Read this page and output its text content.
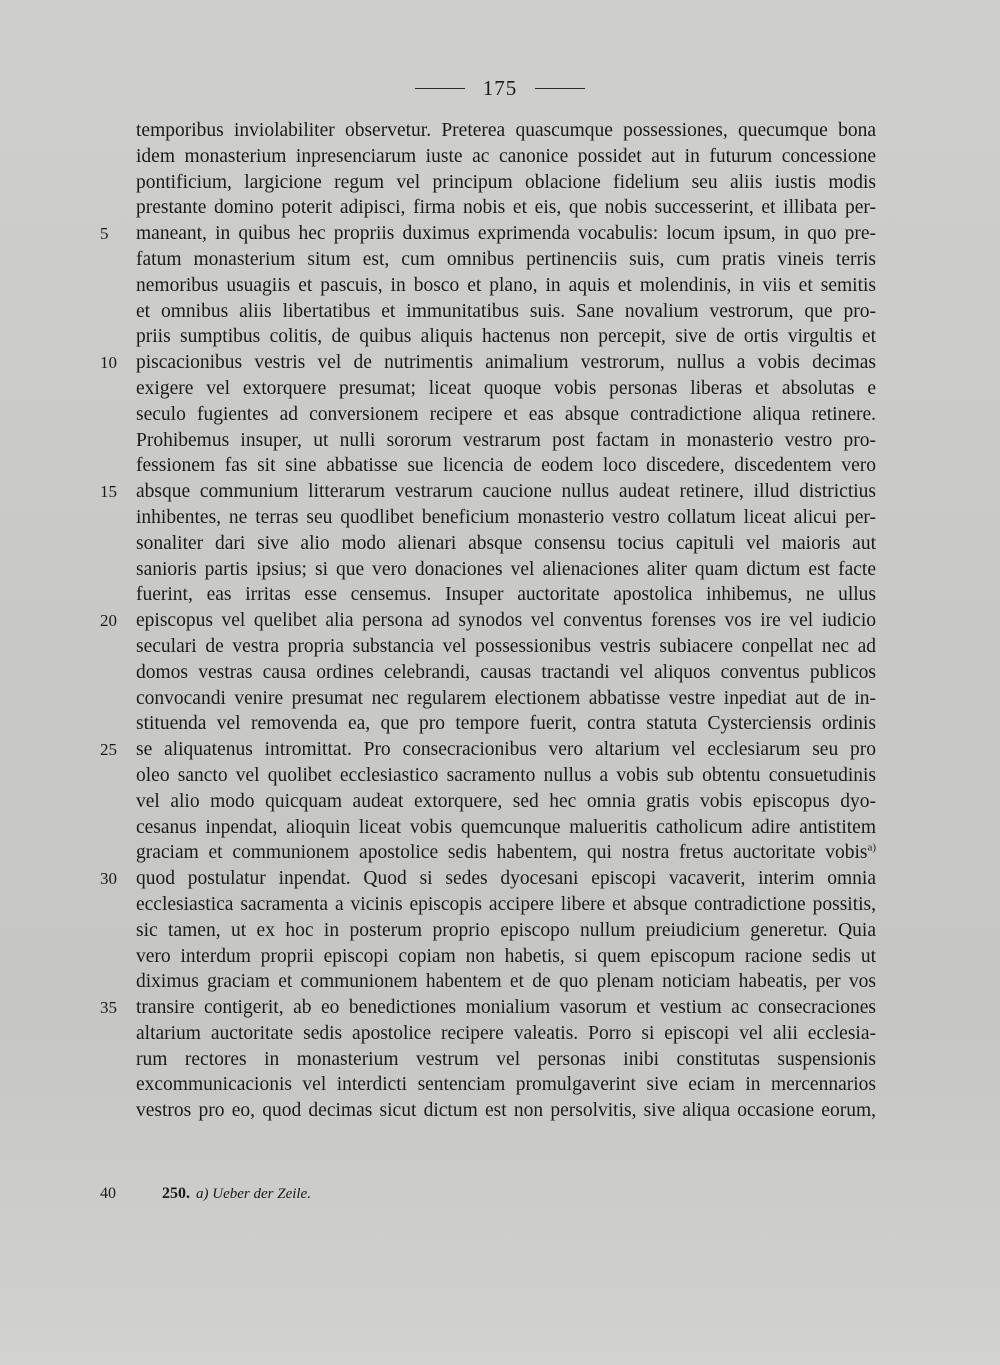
175
temporibus inviolabiliter observetur. Preterea quascumque possessiones, quecumque bona
idem monasterium inpresenciarum iuste ac canonice possidet aut in futurum concessione
pontificium, largicione regum vel principum oblacione fidelium seu aliis iustis modis
prestante domino poterit adipisci, firma nobis et eis, que nobis successerint, et illibata per-
5	maneant, in quibus hec propriis duximus exprimenda vocabulis: locum ipsum, in quo pre-
fatum monasterium situm est, cum omnibus pertinenciis suis, cum pratis vineis terris
nemoribus usuagiis et pascuis, in bosco et plano, in aquis et molendinis, in viis et semitis
et omnibus aliis libertatibus et immunitatibus suis. Sane novalium vestrorum, que pro-
priis sumptibus colitis, de quibus aliquis hactenus non percepit, sive de ortis virgultis et
10 piscacionibus vestris vel de nutrimentis animalium vestrorum, nullus a vobis decimas
exigere vel extorquere presumat; liceat quoque vobis personas liberas et absolutas e
seculo fugientes ad conversionem recipere et eas absque contradictione aliqua retinere.
Prohibemus insuper, ut nulli sororum vestrarum post factam in monasterio vestro pro-
fessionem fas sit sine abbatisse sue licencia de eodem loco discedere, discedentem vero
15 absque communium litterarum vestrarum caucione nullus audeat retinere, illud districtius
inhibentes, ne terras seu quodlibet beneficium monasterio vestro collatum liceat alicui per-
sonaliter dari sive alio modo alienari absque consensu tocius capituli vel maioris aut
sanioris partis ipsius; si que vero donaciones vel alienaciones aliter quam dictum est facte
fuerint, eas irritas esse censemus. Insuper auctoritate apostolica inhibemus, ne ullus
20 episcopus vel quelibet alia persona ad synodos vel conventus forenses vos ire vel iudicio
seculari de vestra propria substancia vel possessionibus vestris subiacere conpellat nec ad
domos vestras causa ordines celebrandi, causas tractandi vel aliquos conventus publicos
convocandi venire presumat nec regularem electionem abbatisse vestre inpediat aut de in-
stituenda vel removenda ea, que pro tempore fuerit, contra statuta Cysterciensis ordinis
25 se aliquatenus intromittat. Pro consecracionibus vero altarium vel ecclesiarum seu pro
oleo sancto vel quolibet ecclesiastico sacramento nullus a vobis sub obtentu consuetudinis
vel alio modo quicquam audeat extorquere, sed hec omnia gratis vobis episcopus dyo-
cesanus inpendat, alioquin liceat vobis quemcunque malueritis catholicum adire antistitem
graciam et communionem apostolice sedis habentem, qui nostra fretus auctoritate vobis$^{a)}$
30 quod postulatur inpendat. Quod si sedes dyocesani episcopi vacaverit, interim omnia
ecclesiastica sacramenta a vicinis episcopis accipere libere et absque contradictione possitis,
sic tamen, ut ex hoc in posterum proprio episcopo nullum preiudicium generetur. Quia
vero interdum proprii episcopi copiam non habetis, si quem episcopum racione sedis ut
diximus graciam et communionem habentem et de quo plenam noticiam habeatis, per vos
35 transire contigerit, ab eo benedictiones monialium vasorum et vestium ac consecraciones
altarium auctoritate sedis apostolice recipere valeatis. Porro si episcopi vel alii ecclesia-
rum rectores in monasterium vestrum vel personas inibi constitutas suspensionis
excommunicacionis vel interdicti sentenciam promulgaverint sive eciam in mercennarios
vestros pro eo, quod decimas sicut dictum est non persolvitis, sive aliqua occasione eorum,
40	250. a) Ueber der Zeile.
